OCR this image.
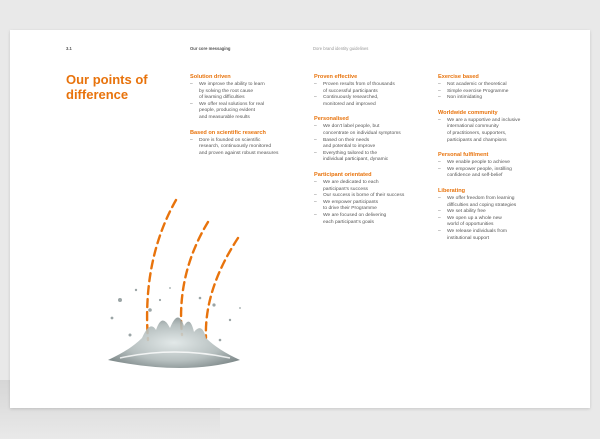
3.1	Our core messaging	Dore brand identity guidelines
Our points of
difference
Solution driven
– We improve the ability to learn
by solving the root cause
of learning difficulties
– We offer real solutions for real
people, producing evident
and measurable results
Based on scientific research
– Dore is founded on scientific
research, continuously monitored
and proven against robust measures
Proven effective
– Proven results from of thousands
of successful participants
– Continuously researched,
monitored and improved
Personalised
– We don't label people, but
concentrate on individual symptoms
– Based on their needs
and potential to improve
– Everything tailored to the
individual participant, dynamic
Participant orientated
– We are dedicated to each
participant's success
– Our success is borne of their success
– We empower participants
to drive their Programme
– We are focused on delivering
each participant's goals
Exercise based
– Not academic or theoretical
– Simple exercise Programme
– Non intimidating
Worldwide community
– We are a supportive and inclusive
international community
of practitioners, supporters,
participants and champions
Personal fulfilment
– We enable people to achieve
– We empower people, instilling
confidence and self-belief
Liberating
– We offer freedom from learning
difficulties and coping strategies
– We set ability free
– We open up a whole new
world of opportunities
– We release individuals from
institutional support
